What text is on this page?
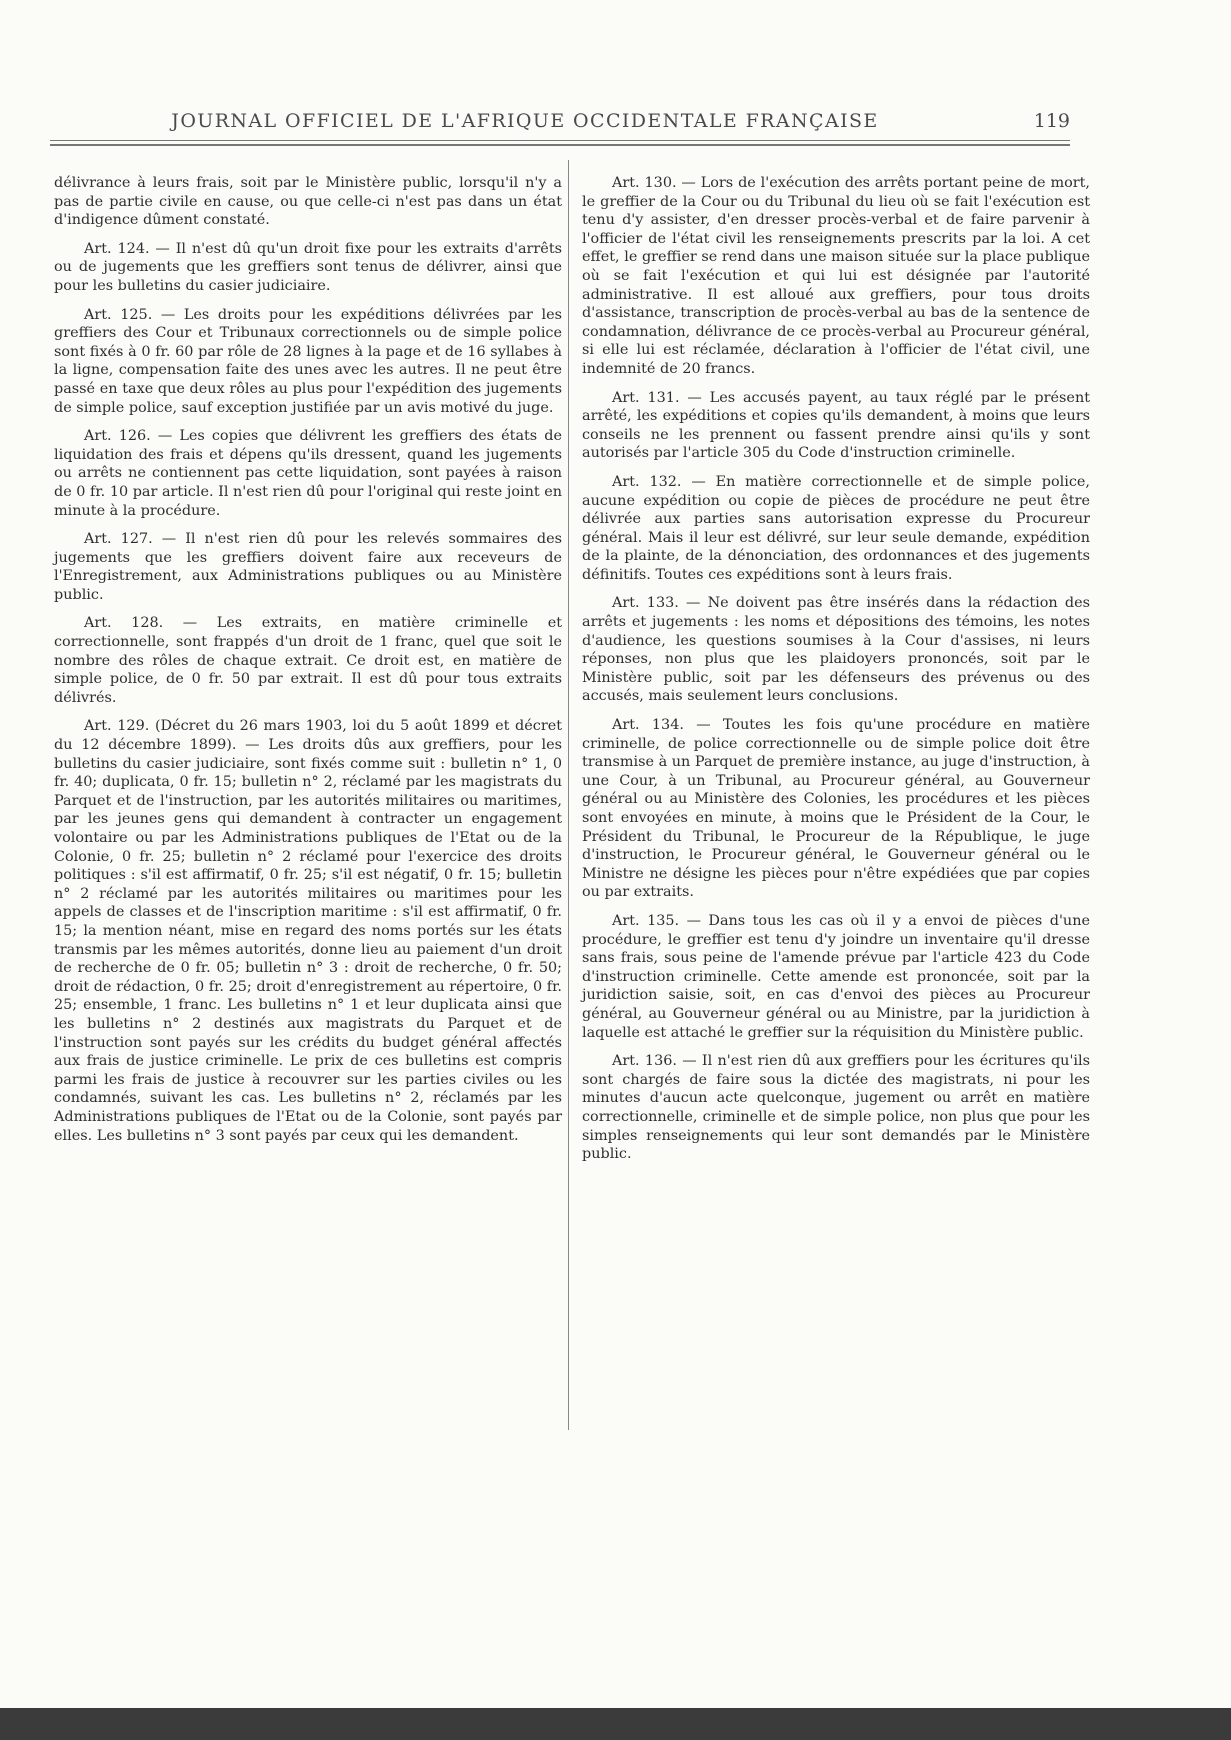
JOURNAL OFFICIEL DE L'AFRIQUE OCCIDENTALE FRANÇAISE	119

délivrance à leurs frais, soit par le Ministère public, lorsqu'il n'y a pas de partie civile en cause, ou que celle-ci n'est pas dans un état d'indigence dûment constaté.

Art. 124. — Il n'est dû qu'un droit fixe pour les extraits d'arrêts ou de jugements que les greffiers sont tenus de délivrer, ainsi que pour les bulletins du casier judiciaire.

Art. 125. — Les droits pour les expéditions délivrées par les greffiers des Cour et Tribunaux correctionnels ou de simple police sont fixés à 0 fr. 60 par rôle de 28 lignes à la page et de 16 syllabes à la ligne, compensation faite des unes avec les autres. Il ne peut être passé en taxe que deux rôles au plus pour l'expédition des jugements de simple police, sauf exception justifiée par un avis motivé du juge.

Art. 126. — Les copies que délivrent les greffiers des états de liquidation des frais et dépens qu'ils dressent, quand les jugements ou arrêts ne contiennent pas cette liquidation, sont payées à raison de 0 fr. 10 par article. Il n'est rien dû pour l'original qui reste joint en minute à la procédure.

Art. 127. — Il n'est rien dû pour les relevés sommaires des jugements que les greffiers doivent faire aux receveurs de l'Enregistrement, aux Administrations publiques ou au Ministère public.

Art. 128. — Les extraits, en matière criminelle et correctionnelle, sont frappés d'un droit de 1 franc, quel que soit le nombre des rôles de chaque extrait. Ce droit est, en matière de simple police, de 0 fr. 50 par extrait. Il est dû pour tous extraits délivrés.

Art. 129. (Décret du 26 mars 1903, loi du 5 août 1899 et décret du 12 décembre 1899). — Les droits dûs aux greffiers, pour les bulletins du casier judiciaire, sont fixés comme suit : bulletin n° 1, 0 fr. 40; duplicata, 0 fr. 15; bulletin n° 2, réclamé par les magistrats du Parquet et de l'instruction, par les autorités militaires ou maritimes, par les jeunes gens qui demandent à contracter un engagement volontaire ou par les Administrations publiques de l'Etat ou de la Colonie, 0 fr. 25; bulletin n° 2 réclamé pour l'exercice des droits politiques : s'il est affirmatif, 0 fr. 25; s'il est négatif, 0 fr. 15; bulletin n° 2 réclamé par les autorités militaires ou maritimes pour les appels de classes et de l'inscription maritime : s'il est affirmatif, 0 fr. 15; la mention néant, mise en regard des noms portés sur les états transmis par les mêmes autorités, donne lieu au paiement d'un droit de recherche de 0 fr. 05; bulletin n° 3 : droit de recherche, 0 fr. 50; droit de rédaction, 0 fr. 25; droit d'enregistrement au répertoire, 0 fr. 25; ensemble, 1 franc. Les bulletins n° 1 et leur duplicata ainsi que les bulletins n° 2 destinés aux magistrats du Parquet et de l'instruction sont payés sur les crédits du budget général affectés aux frais de justice criminelle. Le prix de ces bulletins est compris parmi les frais de justice à recouvrer sur les parties civiles ou les condamnés, suivant les cas. Les bulletins n° 2, réclamés par les Administrations publiques de l'Etat ou de la Colonie, sont payés par elles. Les bulletins n° 3 sont payés par ceux qui les demandent.

Art. 130. — Lors de l'exécution des arrêts portant peine de mort, le greffier de la Cour ou du Tribunal du lieu où se fait l'exécution est tenu d'y assister, d'en dresser procès-verbal et de faire parvenir à l'officier de l'état civil les renseignements prescrits par la loi. A cet effet, le greffier se rend dans une maison située sur la place publique où se fait l'exécution et qui lui est désignée par l'autorité administrative. Il est alloué aux greffiers, pour tous droits d'assistance, transcription de procès-verbal au bas de la sentence de condamnation, délivrance de ce procès-verbal au Procureur général, si elle lui est réclamée, déclaration à l'officier de l'état civil, une indemnité de 20 francs.

Art. 131. — Les accusés payent, au taux réglé par le présent arrêté, les expéditions et copies qu'ils demandent, à moins que leurs conseils ne les prennent ou fassent prendre ainsi qu'ils y sont autorisés par l'article 305 du Code d'instruction criminelle.

Art. 132. — En matière correctionnelle et de simple police, aucune expédition ou copie de pièces de procédure ne peut être délivrée aux parties sans autorisation expresse du Procureur général. Mais il leur est délivré, sur leur seule demande, expédition de la plainte, de la dénonciation, des ordonnances et des jugements définitifs. Toutes ces expéditions sont à leurs frais.

Art. 133. — Ne doivent pas être insérés dans la rédaction des arrêts et jugements : les noms et dépositions des témoins, les notes d'audience, les questions soumises à la Cour d'assises, ni leurs réponses, non plus que les plaidoyers prononcés, soit par le Ministère public, soit par les défenseurs des prévenus ou des accusés, mais seulement leurs conclusions.

Art. 134. — Toutes les fois qu'une procédure en matière criminelle, de police correctionnelle ou de simple police doit être transmise à un Parquet de première instance, au juge d'instruction, à une Cour, à un Tribunal, au Procureur général, au Gouverneur général ou au Ministère des Colonies, les procédures et les pièces sont envoyées en minute, à moins que le Président de la Cour, le Président du Tribunal, le Procureur de la République, le juge d'instruction, le Procureur général, le Gouverneur général ou le Ministre ne désigne les pièces pour n'être expédiées que par copies ou par extraits.

Art. 135. — Dans tous les cas où il y a envoi de pièces d'une procédure, le greffier est tenu d'y joindre un inventaire qu'il dresse sans frais, sous peine de l'amende prévue par l'article 423 du Code d'instruction criminelle. Cette amende est prononcée, soit par la juridiction saisie, soit, en cas d'envoi des pièces au Procureur général, au Gouverneur général ou au Ministre, par la juridiction à laquelle est attaché le greffier sur la réquisition du Ministère public.

Art. 136. — Il n'est rien dû aux greffiers pour les écritures qu'ils sont chargés de faire sous la dictée des magistrats, ni pour les minutes d'aucun acte quelconque, jugement ou arrêt en matière correctionnelle, criminelle et de simple police, non plus que pour les simples renseignements qui leur sont demandés par le Ministère public.
